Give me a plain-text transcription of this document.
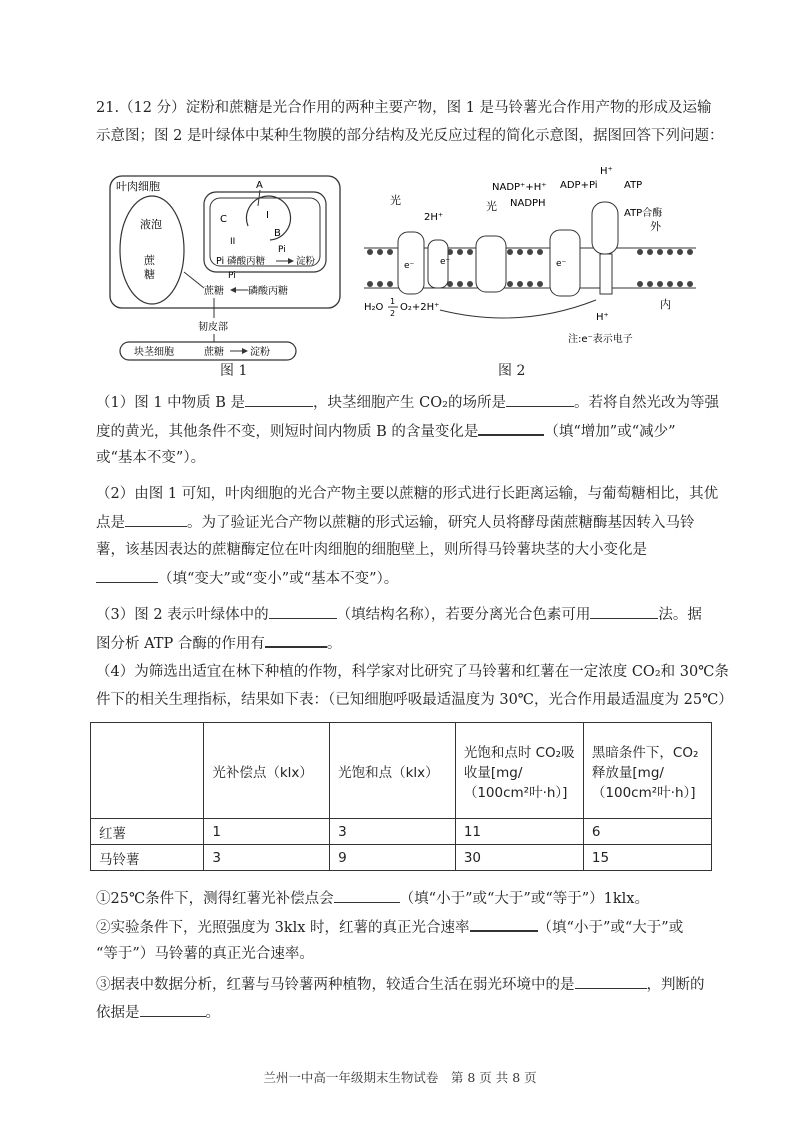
21.（12 分）淀粉和蔗糖是光合作用的两种主要产物，图 1 是马铃薯光合作用产物的形成及运输
示意图；图 2 是叶绿体中某种生物膜的部分结构及光反应过程的简化示意图，据图回答下列问题：
叶肉细胞
液泡
蔗
糖
A
C	I
B
II
Pi
Pi 磷酸丙糖	淀粉
Pi
蔗糖 磷酸丙糖
韧皮部
块茎细胞	蔗糖	淀粉
图 1
H⁺
ADP+Pi	ATP
NADP⁺+H⁺
NADPH
光	光
2H⁺	ATP合酶
外
内
H⁺
e⁻	e⁻	e⁻
H₂O
1
2
O₂+2H⁺
注:e⁻表示电子
图 2
（1）图 1 中物质 B 是	，块茎细胞产生 CO₂的场所是	。若将自然光改为等强
度的黄光，其他条件不变，则短时间内物质 B 的含量变化是	（填“增加”或“减少”
或“基本不变”）。
（2）由图 1 可知，叶肉细胞的光合产物主要以蔗糖的形式进行长距离运输，与葡萄糖相比，其优
点是	。为了验证光合产物以蔗糖的形式运输，研究人员将酵母菌蔗糖酶基因转入马铃
薯，该基因表达的蔗糖酶定位在叶肉细胞的细胞壁上，则所得马铃薯块茎的大小变化是
（填“变大”或“变小”或“基本不变”）。
（3）图 2 表示叶绿体中的	（填结构名称），若要分离光合色素可用	法。据
图分析 ATP 合酶的作用有	。
（4）为筛选出适宜在林下种植的作物，科学家对比研究了马铃薯和红薯在一定浓度 CO₂和 30℃条
件下的相关生理指标，结果如下表：（已知细胞呼吸最适温度为 30℃，光合作用最适温度为 25℃）
	光补偿点（klx）	光饱和点（klx）	光饱和点时 CO₂吸收量[mg/（100cm²叶·h）]	黑暗条件下，CO₂释放量[mg/（100cm²叶·h）]
红薯	1	3	11	6
马铃薯	3	9	30	15
①25℃条件下，测得红薯光补偿点会	（填“小于”或“大于”或“等于”）1klx。
②实验条件下，光照强度为 3klx 时，红薯的真正光合速率	（填“小于”或“大于”或
“等于”）马铃薯的真正光合速率。
③据表中数据分析，红薯与马铃薯两种植物，较适合生活在弱光环境中的是	，判断的
依据是	。
兰州一中高一年级期末生物试卷　第 8 页 共 8 页
